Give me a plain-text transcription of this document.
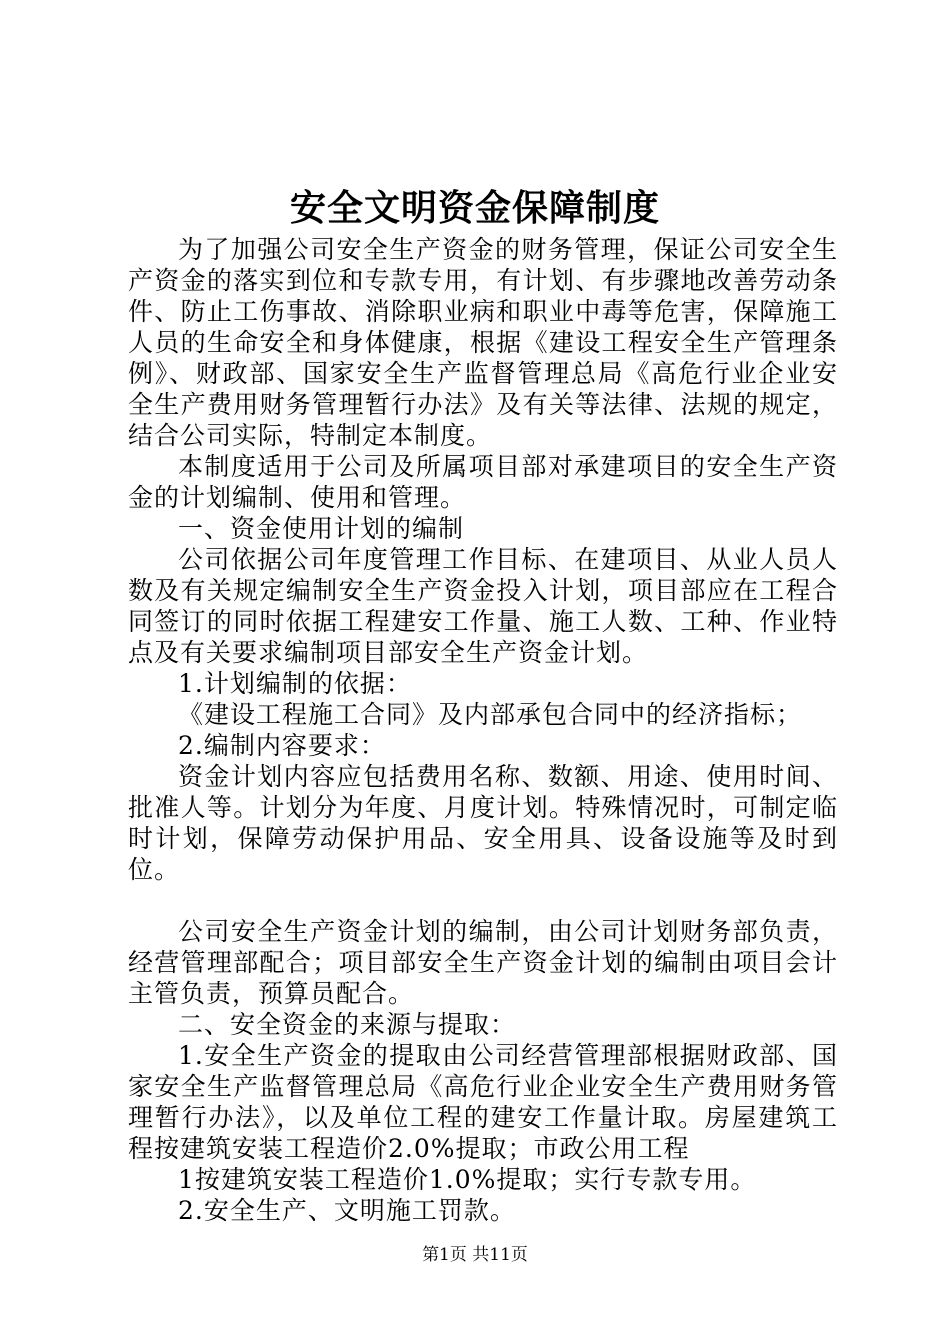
安全文明资金保障制度

为了加强公司安全生产资金的财务管理，保证公司安全生产资金的落实到位和专款专用，有计划、有步骤地改善劳动条件、防止工伤事故、消除职业病和职业中毒等危害，保障施工人员的生命安全和身体健康，根据《建设工程安全生产管理条例》、财政部、国家安全生产监督管理总局《高危行业企业安全生产费用财务管理暂行办法》及有关等法律、法规的规定，结合公司实际，特制定本制度。

本制度适用于公司及所属项目部对承建项目的安全生产资金的计划编制、使用和管理。

一、资金使用计划的编制

公司依据公司年度管理工作目标、在建项目、从业人员人数及有关规定编制安全生产资金投入计划，项目部应在工程合同签订的同时依据工程建安工作量、施工人数、工种、作业特点及有关要求编制项目部安全生产资金计划。

1.计划编制的依据：

《建设工程施工合同》及内部承包合同中的经济指标；

2.编制内容要求：

资金计划内容应包括费用名称、数额、用途、使用时间、批准人等。计划分为年度、月度计划。特殊情况时，可制定临时计划，保障劳动保护用品、安全用具、设备设施等及时到位。

公司安全生产资金计划的编制，由公司计划财务部负责，经营管理部配合；项目部安全生产资金计划的编制由项目会计主管负责，预算员配合。

二、安全资金的来源与提取：

1.安全生产资金的提取由公司经营管理部根据财政部、国家安全生产监督管理总局《高危行业企业安全生产费用财务管理暂行办法》，以及单位工程的建安工作量计取。房屋建筑工程按建筑安装工程造价2.0%提取；市政公用工程

1按建筑安装工程造价1.0%提取；实行专款专用。

2.安全生产、文明施工罚款。

第1页 共11页
